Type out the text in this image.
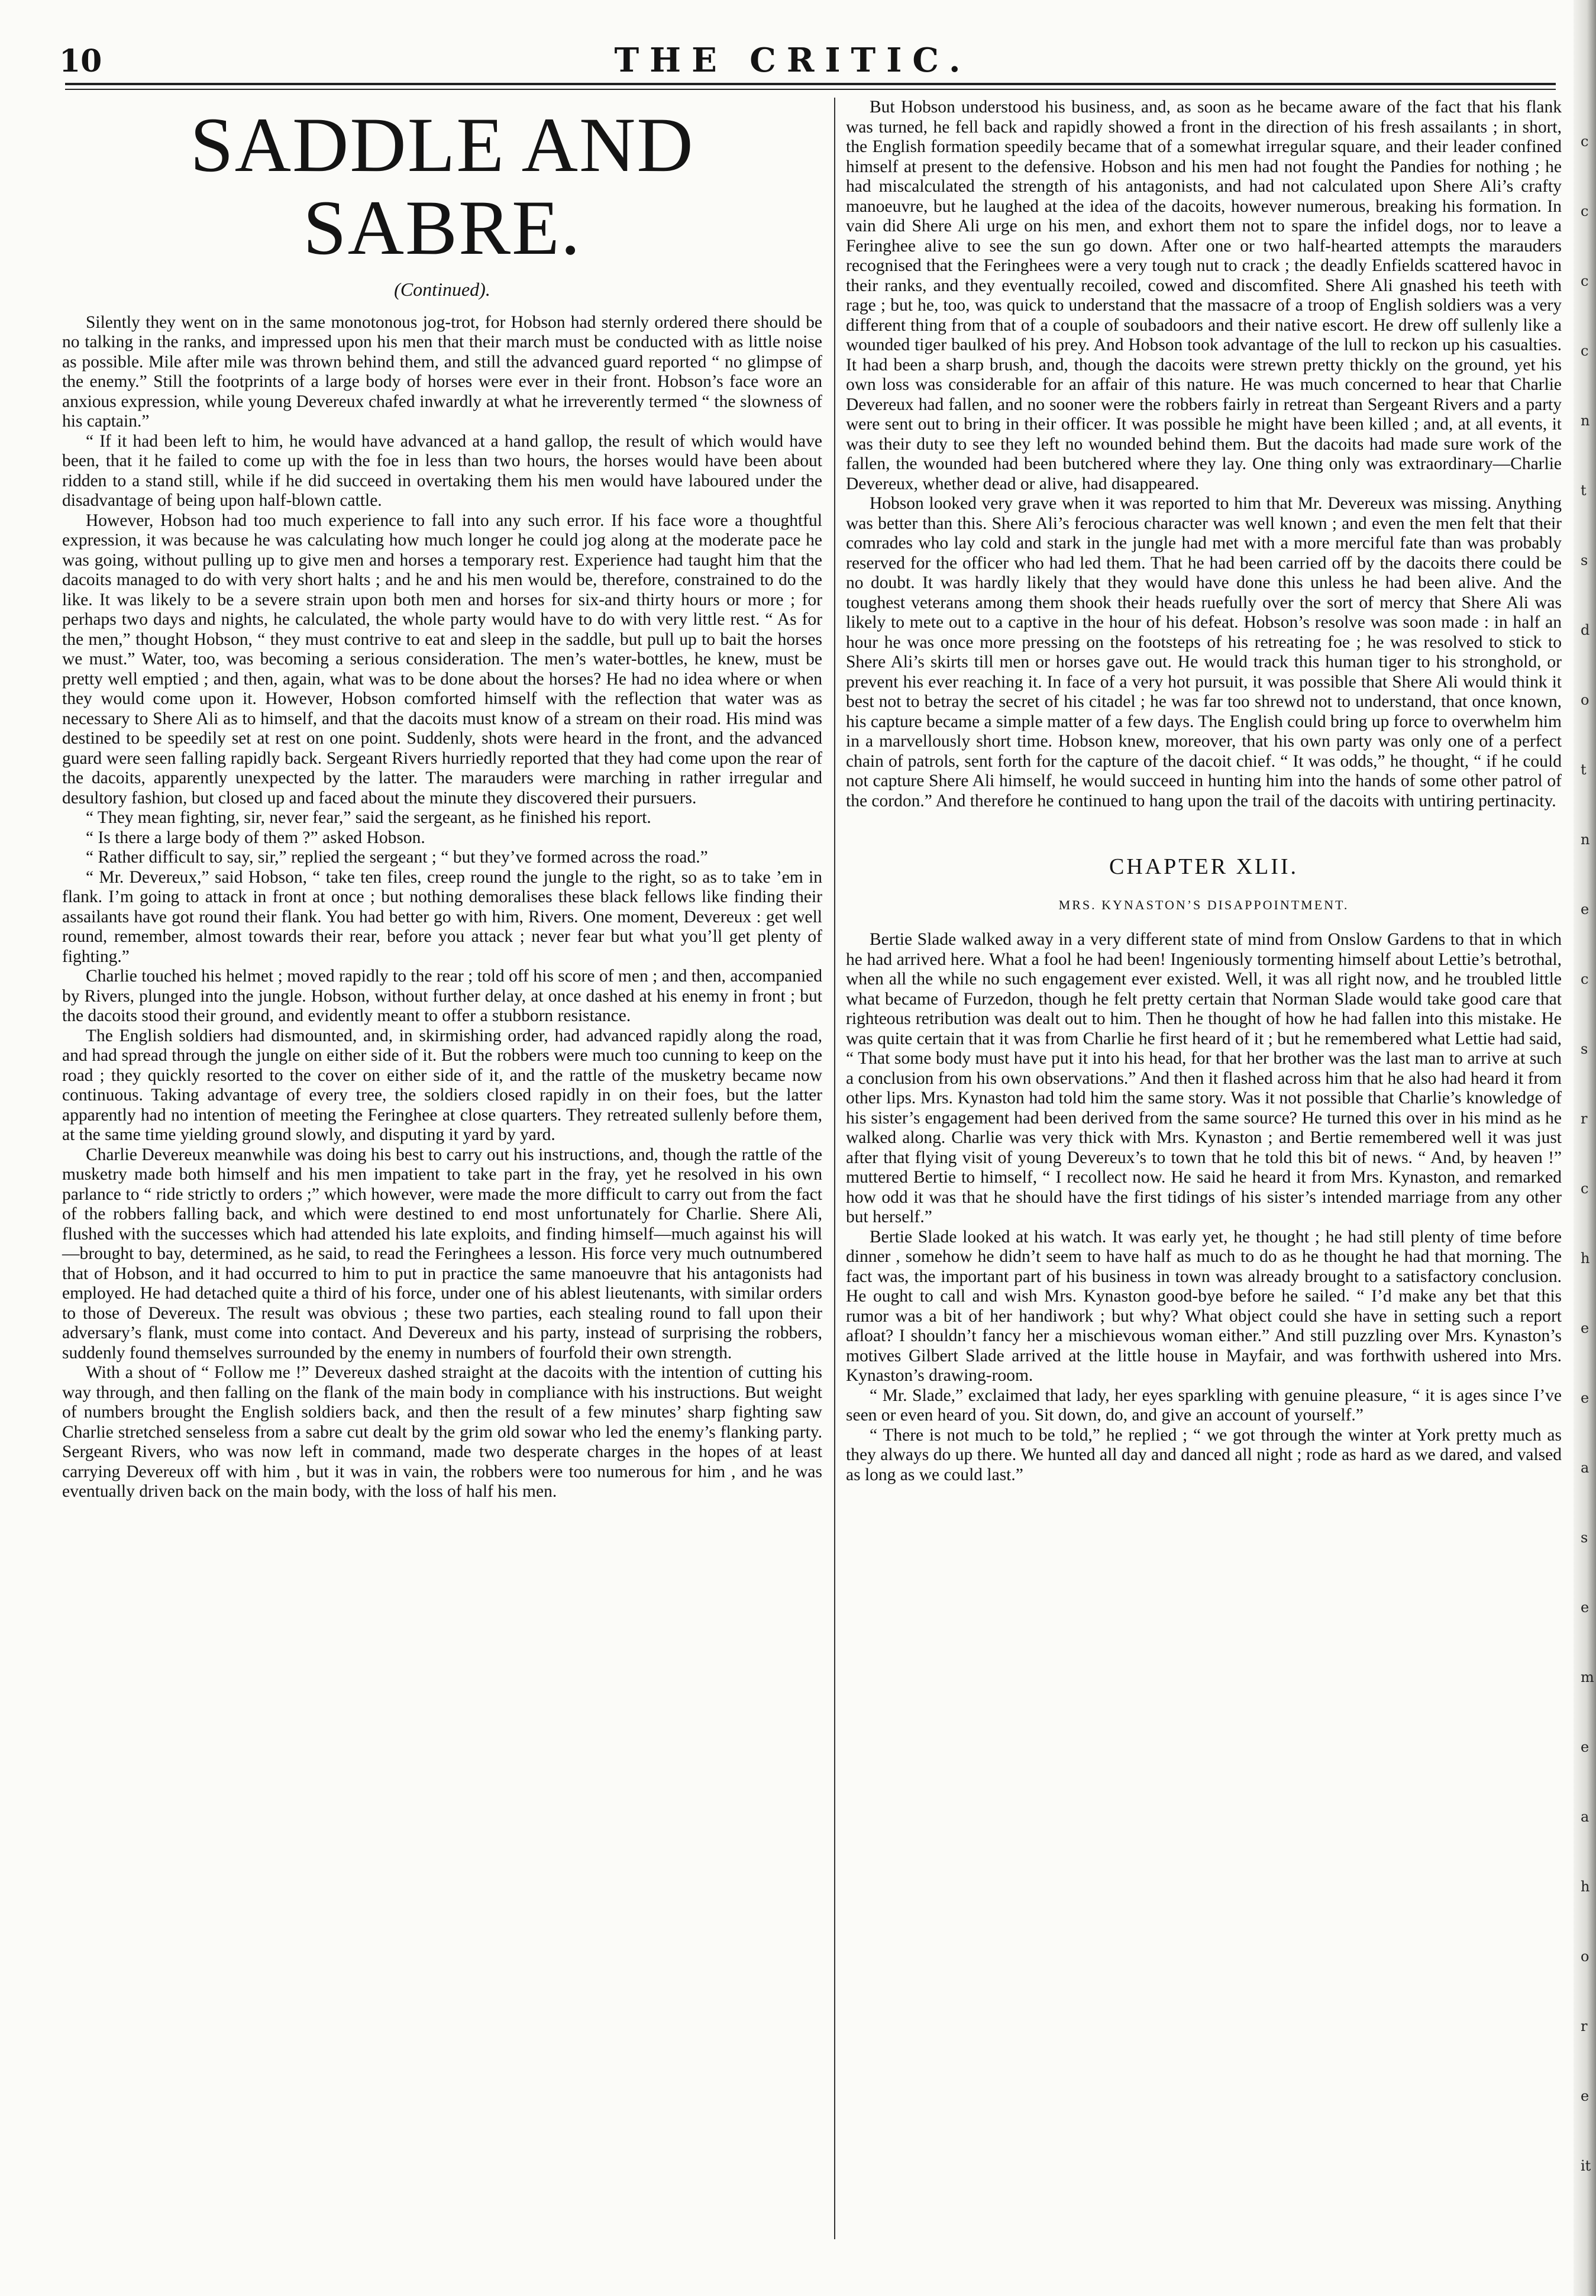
10	THE CRITIC.
SADDLE AND SABRE.
(Continued).

Silently they went on in the same monotonous jog-trot, for Hobson had sternly ordered there should be no talking in the ranks, and impressed upon his men that their march must be conducted with as little noise as possible. Mile after mile was thrown behind them, and still the advanced guard reported “ no glimpse of the enemy.” Still the footprints of a large body of horses were ever in their front. Hobson’s face wore an anxious expression, while young Devereux chafed inwardly at what he irreverently termed “ the slowness of his captain.”

“ If it had been left to him, he would have advanced at a hand gallop, the result of which would have been, that it he failed to come up with the foe in less than two hours, the horses would have been about ridden to a stand still, while if he did succeed in overtaking them his men would have laboured under the disadvantage of being upon half-blown cattle.

However, Hobson had too much experience to fall into any such error. If his face wore a thoughtful expression, it was because he was calculating how much longer he could jog along at the moderate pace he was going, without pulling up to give men and horses a temporary rest. Experience had taught him that the dacoits managed to do with very short halts ; and he and his men would be, therefore, constrained to do the like. It was likely to be a severe strain upon both men and horses for six-and thirty hours or more ; for perhaps two days and nights, he calculated, the whole party would have to do with very little rest. “ As for the men,” thought Hobson, “ they must contrive to eat and sleep in the saddle, but pull up to bait the horses we must.” Water, too, was becoming a serious consideration. The men’s water-bottles, he knew, must be pretty well emptied ; and then, again, what was to be done about the horses? He had no idea where or when they would come upon it. However, Hobson comforted himself with the reflection that water was as necessary to Shere Ali as to himself, and that the dacoits must know of a stream on their road. His mind was destined to be speedily set at rest on one point. Suddenly, shots were heard in the front, and the advanced guard were seen falling rapidly back. Sergeant Rivers hurriedly reported that they had come upon the rear of the dacoits, apparently unexpected by the latter. The marauders were marching in rather irregular and desultory fashion, but closed up and faced about the minute they discovered their pursuers.

“ They mean fighting, sir, never fear,” said the sergeant, as he finished his report.

“ Is there a large body of them ?” asked Hobson.

“ Rather difficult to say, sir,” replied the sergeant ; “ but they’ve formed across the road.”

“ Mr. Devereux,” said Hobson, “ take ten files, creep round the jungle to the right, so as to take ’em in flank. I’m going to attack in front at once ; but nothing demoralises these black fellows like finding their assailants have got round their flank. You had better go with him, Rivers. One moment, Devereux : get well round, remember, almost towards their rear, before you attack ; never fear but what you’ll get plenty of fighting.”

Charlie touched his helmet ; moved rapidly to the rear ; told off his score of men ; and then, accompanied by Rivers, plunged into the jungle. Hobson, without further delay, at once dashed at his enemy in front ; but the dacoits stood their ground, and evidently meant to offer a stubborn resistance.

The English soldiers had dismounted, and, in skirmishing order, had advanced rapidly along the road, and had spread through the jungle on either side of it. But the robbers were much too cunning to keep on the road ; they quickly resorted to the cover on either side of it, and the rattle of the musketry became now continuous. Taking advantage of every tree, the soldiers closed rapidly in on their foes, but the latter apparently had no intention of meeting the Feringhee at close quarters. They retreated sullenly before them, at the same time yielding ground slowly, and disputing it yard by yard.

Charlie Devereux meanwhile was doing his best to carry out his instructions, and, though the rattle of the musketry made both himself and his men impatient to take part in the fray, yet he resolved in his own parlance to “ ride strictly to orders ;” which however, were made the more difficult to carry out from the fact of the robbers falling back, and which were destined to end most unfortunately for Charlie. Shere Ali, flushed with the successes which had attended his late exploits, and finding himself—much against his will—brought to bay, determined, as he said, to read the Feringhees a lesson. His force very much outnumbered that of Hobson, and it had occurred to him to put in practice the same manoeuvre that his antagonists had employed. He had detached quite a third of his force, under one of his ablest lieutenants, with similar orders to those of Devereux. The result was obvious ; these two parties, each stealing round to fall upon their adversary’s flank, must come into contact. And Devereux and his party, instead of surprising the robbers, suddenly found themselves surrounded by the enemy in numbers of fourfold their own strength.

With a shout of “ Follow me !” Devereux dashed straight at the dacoits with the intention of cutting his way through, and then falling on the flank of the main body in compliance with his instructions. But weight of numbers brought the English soldiers back, and then the result of a few minutes’ sharp fighting saw Charlie stretched senseless from a sabre cut dealt by the grim old sowar who led the enemy’s flanking party. Sergeant Rivers, who was now left in command, made two desperate charges in the hopes of at least carrying Devereux off with him , but it was in vain, the robbers were too numerous for him , and he was eventually driven back on the main body, with the loss of half his men.

But Hobson understood his business, and, as soon as he became aware of the fact that his flank was turned, he fell back and rapidly showed a front in the direction of his fresh assailants ; in short, the English formation speedily became that of a somewhat irregular square, and their leader confined himself at present to the defensive. Hobson and his men had not fought the Pandies for nothing ; he had miscalculated the strength of his antagonists, and had not calculated upon Shere Ali’s crafty manoeuvre, but he laughed at the idea of the dacoits, however numerous, breaking his formation. In vain did Shere Ali urge on his men, and exhort them not to spare the infidel dogs, nor to leave a Feringhee alive to see the sun go down. After one or two half-hearted attempts the marauders recognised that the Feringhees were a very tough nut to crack ; the deadly Enfields scattered havoc in their ranks, and they eventually recoiled, cowed and discomfited. Shere Ali gnashed his teeth with rage ; but he, too, was quick to understand that the massacre of a troop of English soldiers was a very different thing from that of a couple of soubadoors and their native escort. He drew off sullenly like a wounded tiger baulked of his prey. And Hobson took advantage of the lull to reckon up his casualties. It had been a sharp brush, and, though the dacoits were strewn pretty thickly on the ground, yet his own loss was considerable for an affair of this nature. He was much concerned to hear that Charlie Devereux had fallen, and no sooner were the robbers fairly in retreat than Sergeant Rivers and a party were sent out to bring in their officer. It was possible he might have been killed ; and, at all events, it was their duty to see they left no wounded behind them. But the dacoits had made sure work of the fallen, the wounded had been butchered where they lay. One thing only was extraordinary—Charlie Devereux, whether dead or alive, had disappeared.

Hobson looked very grave when it was reported to him that Mr. Devereux was missing. Anything was better than this. Shere Ali’s ferocious character was well known ; and even the men felt that their comrades who lay cold and stark in the jungle had met with a more merciful fate than was probably reserved for the officer who had led them. That he had been carried off by the dacoits there could be no doubt. It was hardly likely that they would have done this unless he had been alive. And the toughest veterans among them shook their heads ruefully over the sort of mercy that Shere Ali was likely to mete out to a captive in the hour of his defeat. Hobson’s resolve was soon made : in half an hour he was once more pressing on the footsteps of his retreating foe ; he was resolved to stick to Shere Ali’s skirts till men or horses gave out. He would track this human tiger to his stronghold, or prevent his ever reaching it. In face of a very hot pursuit, it was possible that Shere Ali would think it best not to betray the secret of his citadel ; he was far too shrewd not to understand, that once known, his capture became a simple matter of a few days. The English could bring up force to overwhelm him in a marvellously short time. Hobson knew, moreover, that his own party was only one of a perfect chain of patrols, sent forth for the capture of the dacoit chief. “ It was odds,” he thought, “ if he could not capture Shere Ali himself, he would succeed in hunting him into the hands of some other patrol of the cordon.” And therefore he continued to hang upon the trail of the dacoits with untiring pertinacity.

CHAPTER XLII.
MRS. KYNASTON’S DISAPPOINTMENT.

Bertie Slade walked away in a very different state of mind from Onslow Gardens to that in which he had arrived here. What a fool he had been! Ingeniously tormenting himself about Lettie’s betrothal, when all the while no such engagement ever existed. Well, it was all right now, and he troubled little what became of Furzedon, though he felt pretty certain that Norman Slade would take good care that righteous retribution was dealt out to him. Then he thought of how he had fallen into this mistake. He was quite certain that it was from Charlie he first heard of it ; but he remembered what Lettie had said, “ That some body must have put it into his head, for that her brother was the last man to arrive at such a conclusion from his own observations.” And then it flashed across him that he also had heard it from other lips. Mrs. Kynaston had told him the same story. Was it not possible that Charlie’s knowledge of his sister’s engagement had been derived from the same source? He turned this over in his mind as he walked along. Charlie was very thick with Mrs. Kynaston ; and Bertie remembered well it was just after that flying visit of young Devereux’s to town that he told this bit of news. “ And, by heaven !” muttered Bertie to himself, “ I recollect now. He said he heard it from Mrs. Kynaston, and remarked how odd it was that he should have the first tidings of his sister’s intended marriage from any other but herself.”

Bertie Slade looked at his watch. It was early yet, he thought ; he had still plenty of time before dinner , somehow he didn’t seem to have half as much to do as he thought he had that morning. The fact was, the important part of his business in town was already brought to a satisfactory conclusion. He ought to call and wish Mrs. Kynaston good-bye before he sailed. “ I’d make any bet that this rumor was a bit of her handiwork ; but why? What object could she have in setting such a report afloat? I shouldn’t fancy her a mischievous woman either.” And still puzzling over Mrs. Kynaston’s motives Gilbert Slade arrived at the little house in Mayfair, and was forthwith ushered into Mrs. Kynaston’s drawing-room.

“ Mr. Slade,” exclaimed that lady, her eyes sparkling with genuine pleasure, “ it is ages since I’ve seen or even heard of you. Sit down, do, and give an account of yourself.”

“ There is not much to be told,” he replied ; “ we got through the winter at York pretty much as they always do up there. We hunted all day and danced all night ; rode as hard as we dared, and valsed as long as we could last.”

ccccntsdotnecsrcheeasemeahoreit
